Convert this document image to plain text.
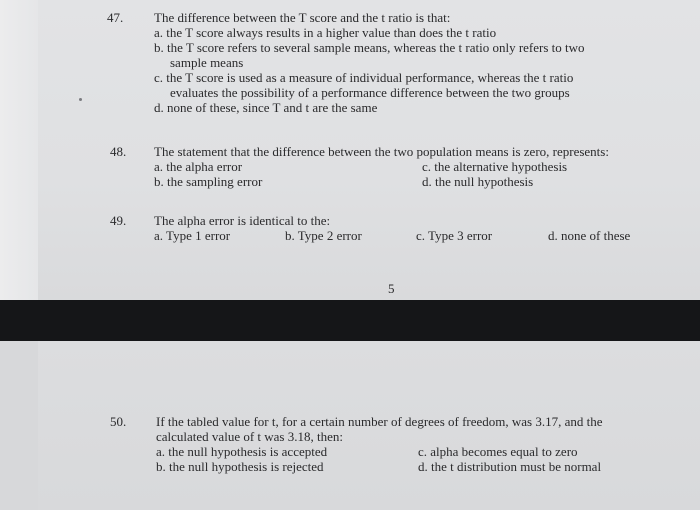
47. The difference between the T score and the t ratio is that:
a. the T score always results in a higher value than does the t ratio
b. the T score refers to several sample means, whereas the t ratio only refers to two
sample means
c. the T score is used as a measure of individual performance, whereas the t ratio
evaluates the possibility of a performance difference between the two groups
d. none of these, since T and t are the same
48. The statement that the difference between the two population means is zero, represents:
a. the alpha error	c. the alternative hypothesis
b. the sampling error	d. the null hypothesis
49. The alpha error is identical to the:
a. Type 1 error	b. Type 2 error	c. Type 3 error	d. none of these
5
50. If the tabled value for t, for a certain number of degrees of freedom, was 3.17, and the
calculated value of t was 3.18, then:
a. the null hypothesis is accepted	c. alpha becomes equal to zero
b. the null hypothesis is rejected	d. the t distribution must be normal
